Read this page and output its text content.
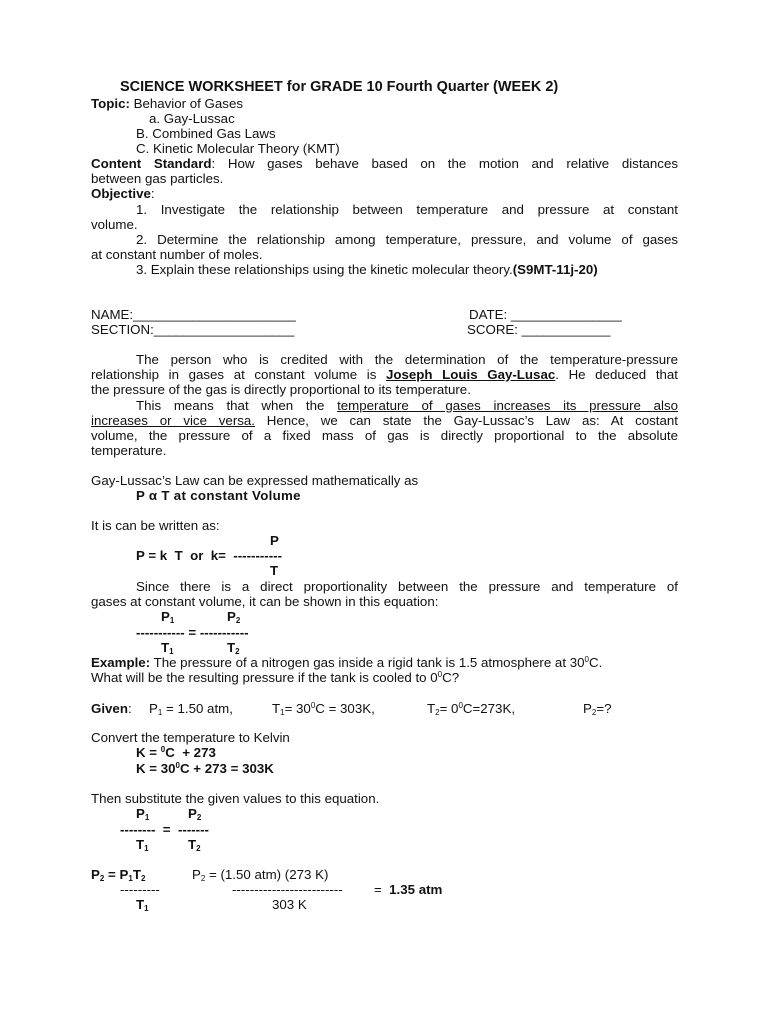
SCIENCE WORKSHEET for GRADE 10 Fourth Quarter (WEEK 2)
Topic: Behavior of Gases
a. Gay-Lussac
B. Combined Gas Laws
C. Kinetic Molecular Theory (KMT)
Content Standard: How gases behave based on the motion and relative distances
between gas particles.
Objective:
1. Investigate the relationship between temperature and pressure at constant
volume.
2. Determine the relationship among temperature, pressure, and volume of gases
at constant number of moles.
3. Explain these relationships using the kinetic molecular theory.(S9MT-11j-20)
NAME:______________________	DATE: _______________
SECTION:___________________	SCORE: ____________
The person who is credited with the determination of the temperature-pressure
relationship in gases at constant volume is Joseph Louis Gay-Lusac. He deduced that
the pressure of the gas is directly proportional to its temperature.
This means that when the temperature of gases increases its pressure also
increases or vice versa. Hence, we can state the Gay-Lussac’s Law as: At costant
volume, the pressure of a fixed mass of gas is directly proportional to the absolute
temperature.
Gay-Lussac’s Law can be expressed mathematically as
P α T at constant Volume
It is can be written as:
P
P = k  T  or  k=  -----------
T
Since there is a direct proportionality between the pressure and temperature of
gases at constant volume, it can be shown in this equation:
$P_1$	$P_2$
----------- = -----------
$T_1$	$T_2$
Example: The pressure of a nitrogen gas inside a rigid tank is 1.5 atmosphere at $30^0C$.
What will be the resulting pressure if the tank is cooled to $0^0C$?
Given: $P_1 = 1.50$ atm,	$T_1= 30^0C = 303K$,	$T_2= 0^0C=273K$,	$P_2=$?
Convert the temperature to Kelvin
K = $^0$C  + 273
$K = 30^0C + 273 = 303K$
Then substitute the given values to this equation.
$P_1$	$P_2$
--------  =  -------
$T_1$	$T_2$
$P_2 = P_1T_2$	$P_2 = (1.50$ atm) (273 K)
---------	------------------------- =  1.35 atm
$T_1$	303 K
